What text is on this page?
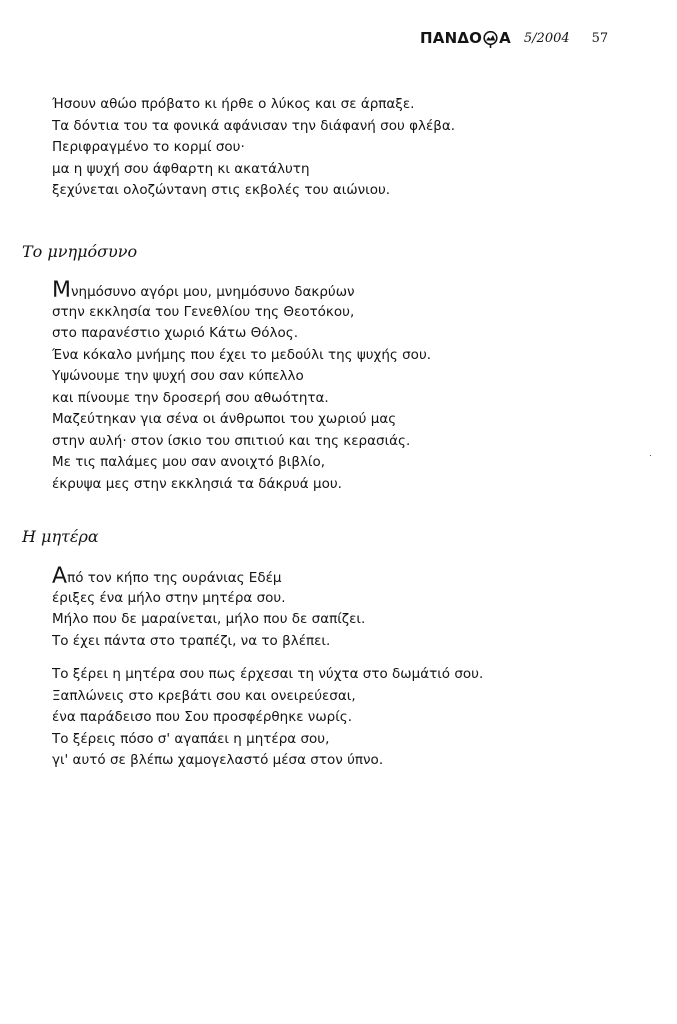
ΠΑΝΔΟ Α 5/2004 57
Ήσουν αθώο πρόβατο κι ήρθε ο λύκος και σε άρπαξε.
Τα δόντια του τα φονικά αφάνισαν την διάφανή σου φλέβα.
Περιφραγμένο το κορμί σου·
μα η ψυχή σου άφθαρτη κι ακατάλυτη
ξεχύνεται ολοζώντανη στις εκβολές του αιώνιου.
Το μνημόσυνο
Μνημόσυνο αγόρι μου, μνημόσυνο δακρύων
στην εκκλησία του Γενεθλίου της Θεοτόκου,
στο παρανέστιο χωριό Κάτω Θόλος.
Ένα κόκαλο μνήμης που έχει το μεδούλι της ψυχής σου.
Υψώνουμε την ψυχή σου σαν κύπελλο
και πίνουμε την δροσερή σου αθωότητα.
Μαζεύτηκαν για σένα οι άνθρωποι του χωριού μας
στην αυλή· στον ίσκιο του σπιτιού και της κερασιάς.
Με τις παλάμες μου σαν ανοιχτό βιβλίο,
έκρυψα μες στην εκκλησιά τα δάκρυά μου.
Η μητέρα
Από τον κήπο της ουράνιας Εδέμ
έριξες ένα μήλο στην μητέρα σου.
Μήλο που δε μαραίνεται, μήλο που δε σαπίζει.
Το έχει πάντα στο τραπέζι, να το βλέπει.
Το ξέρει η μητέρα σου πως έρχεσαι τη νύχτα στο δωμάτιό σου.
Ξαπλώνεις στο κρεβάτι σου και ονειρεύεσαι,
ένα παράδεισο που Σου προσφέρθηκε νωρίς.
Το ξέρεις πόσο σ' αγαπάει η μητέρα σου,
γι' αυτό σε βλέπω χαμογελαστό μέσα στον ύπνο.
